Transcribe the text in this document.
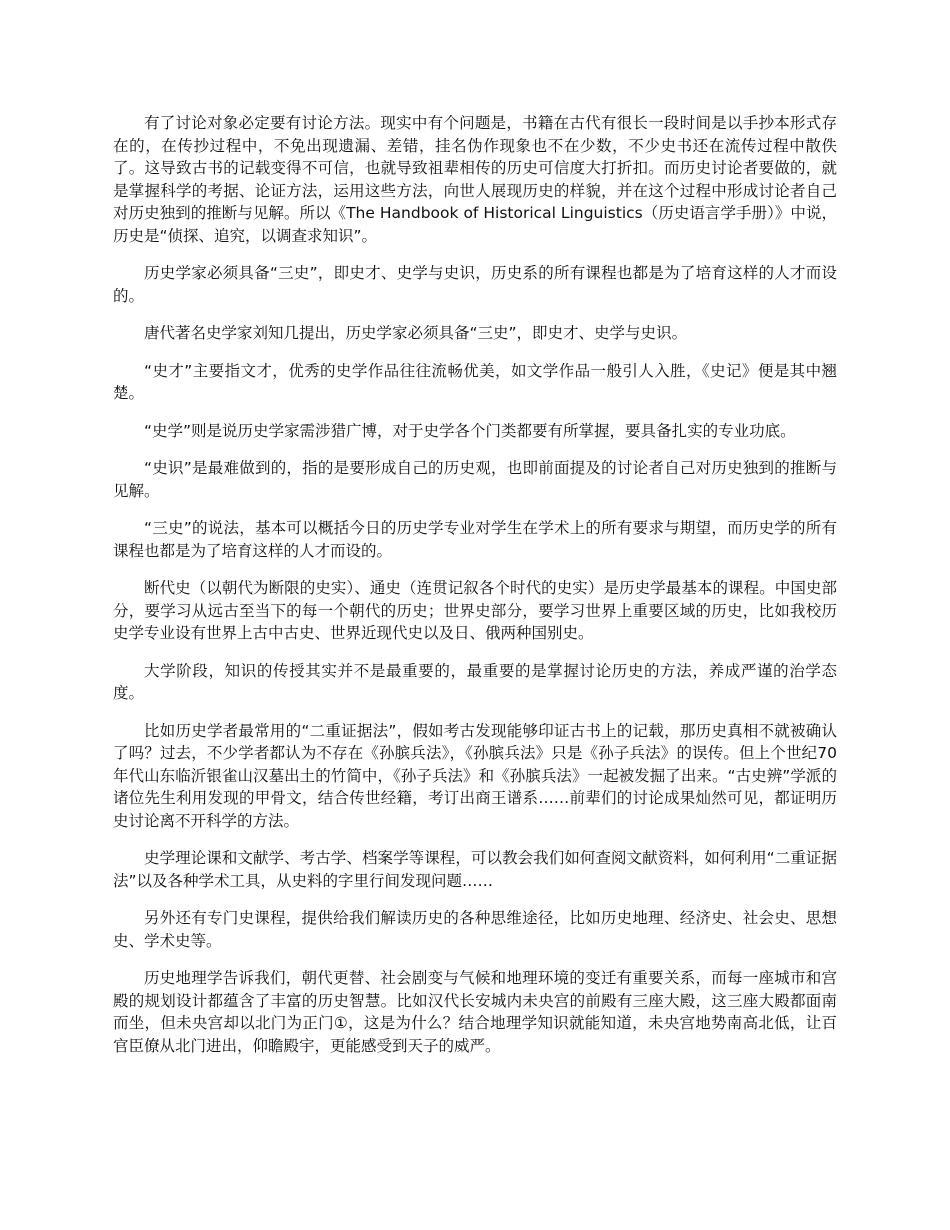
有了讨论对象必定要有讨论方法。现实中有个问题是，书籍在古代有很长一段时间是以手抄本形式存在的，在传抄过程中，不免出现遗漏、差错，挂名伪作现象也不在少数，不少史书还在流传过程中散佚了。这导致古书的记载变得不可信，也就导致祖辈相传的历史可信度大打折扣。而历史讨论者要做的，就是掌握科学的考据、论证方法，运用这些方法，向世人展现历史的样貌，并在这个过程中形成讨论者自己对历史独到的推断与见解。所以《The Handbook of Historical Linguistics（历史语言学手册）》中说，历史是“侦探、追究，以调查求知识”。

历史学家必须具备“三史”，即史才、史学与史识，历史系的所有课程也都是为了培育这样的人才而设的。

唐代著名史学家刘知几提出，历史学家必须具备“三史”，即史才、史学与史识。

“史才”主要指文才，优秀的史学作品往往流畅优美，如文学作品一般引人入胜，《史记》便是其中翘楚。

“史学”则是说历史学家需涉猎广博，对于史学各个门类都要有所掌握，要具备扎实的专业功底。

“史识”是最难做到的，指的是要形成自己的历史观，也即前面提及的讨论者自己对历史独到的推断与见解。

“三史”的说法，基本可以概括今日的历史学专业对学生在学术上的所有要求与期望，而历史学的所有课程也都是为了培育这样的人才而设的。

断代史（以朝代为断限的史实）、通史（连贯记叙各个时代的史实）是历史学最基本的课程。中国史部分，要学习从远古至当下的每一个朝代的历史；世界史部分，要学习世界上重要区域的历史，比如我校历史学专业设有世界上古中古史、世界近现代史以及日、俄两种国别史。

大学阶段，知识的传授其实并不是最重要的，最重要的是掌握讨论历史的方法，养成严谨的治学态度。

比如历史学者最常用的“二重证据法”，假如考古发现能够印证古书上的记载，那历史真相不就被确认了吗？过去，不少学者都认为不存在《孙膑兵法》，《孙膑兵法》只是《孙子兵法》的误传。但上个世纪70年代山东临沂银雀山汉墓出土的竹简中，《孙子兵法》和《孙膑兵法》一起被发掘了出来。“古史辨”学派的诸位先生利用发现的甲骨文，结合传世经籍，考订出商王谱系……前辈们的讨论成果灿然可见，都证明历史讨论离不开科学的方法。

史学理论课和文献学、考古学、档案学等课程，可以教会我们如何查阅文献资料，如何利用“二重证据法”以及各种学术工具，从史料的字里行间发现问题……

另外还有专门史课程，提供给我们解读历史的各种思维途径，比如历史地理、经济史、社会史、思想史、学术史等。

历史地理学告诉我们，朝代更替、社会剧变与气候和地理环境的变迁有重要关系，而每一座城市和宫殿的规划设计都蕴含了丰富的历史智慧。比如汉代长安城内未央宫的前殿有三座大殿，这三座大殿都面南而坐，但未央宫却以北门为正门①，这是为什么？结合地理学知识就能知道，未央宫地势南高北低，让百官臣僚从北门进出，仰瞻殿宇，更能感受到天子的威严。
